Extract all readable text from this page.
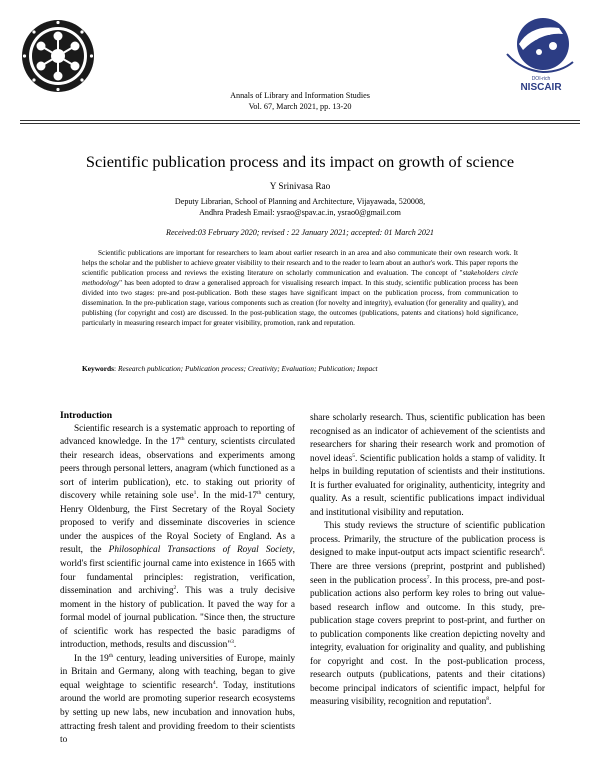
DOI-rich
NISCAIR
Annals of Library and Information Studies
Vol. 67, March 2021, pp. 13-20
Scientific publication process and its impact on growth of science
Y Srinivasa Rao
Deputy Librarian, School of Planning and Architecture, Vijayawada, 520008,
Andhra Pradesh Email: ysrao@spav.ac.in, ysrao0@gmail.com
Received:03 February 2020; revised : 22 January 2021; accepted: 01 March 2021
Scientific publications are important for researchers to learn about earlier research in an area and also communicate their own research work. It helps the scholar and the publisher to achieve greater visibility to their research and to the reader to learn about an author's work. This paper reports the scientific publication process and reviews the existing literature on scholarly communication and evaluation. The concept of "stakeholders circle methodology" has been adopted to draw a generalised approach for visualising research impact. In this study, scientific publication process has been divided into two stages: pre-and post-publication. Both these stages have significant impact on the publication process, from communication to dissemination. In the pre-publication stage, various components such as creation (for novelty and integrity), evaluation (for generality and quality), and publishing (for copyright and cost) are discussed. In the post-publication stage, the outcomes (publications, patents and citations) hold significance, particularly in measuring research impact for greater visibility, promotion, rank and reputation.
Keywords: Research publication; Publication process; Creativity; Evaluation; Publication; Impact

Introduction

Scientific research is a systematic approach to reporting of advanced knowledge. In the 17th century, scientists circulated their research ideas, observations and experiments among peers through personal letters, anagram (which functioned as a sort of interim publication), etc. to staking out priority of discovery while retaining sole use$^1$. In the mid-17th century, Henry Oldenburg, the First Secretary of the Royal Society proposed to verify and disseminate discoveries in science under the auspices of the Royal Society of England. As a result, the Philosophical Transactions of Royal Society, world's first scientific journal came into existence in 1665 with four fundamental principles: registration, verification, dissemination and archiving$^2$. This was a truly decisive moment in the history of publication. It paved the way for a formal model of journal publication. "Since then, the structure of scientific work has respected the basic paradigms of introduction, methods, results and discussion"$^3$.

In the 19th century, leading universities of Europe, mainly in Britain and Germany, along with teaching, began to give equal weightage to scientific research$^4$. Today, institutions around the world are promoting superior research ecosystems by setting up new labs, new incubation and innovation hubs, attracting fresh talent and providing freedom to their scientists to

share scholarly research. Thus, scientific publication has been recognised as an indicator of achievement of the scientists and researchers for sharing their research work and promotion of novel ideas$^5$. Scientific publication holds a stamp of validity. It helps in building reputation of scientists and their institutions. It is further evaluated for originality, authenticity, integrity and quality. As a result, scientific publications impact individual and institutional visibility and reputation.

This study reviews the structure of scientific publication process. Primarily, the structure of the publication process is designed to make input-output acts impact scientific research$^6$. There are three versions (preprint, postprint and published) seen in the publication process$^7$. In this process, pre-and post-publication actions also perform key roles to bring out value-based research inflow and outcome. In this study, pre-publication stage covers preprint to post-print, and further on to publication components like creation depicting novelty and integrity, evaluation for originality and quality, and publishing for copyright and cost. In the post-publication process, research outputs (publications, patents and their citations) become principal indicators of scientific impact, helpful for measuring visibility, recognition and reputation$^8$.
